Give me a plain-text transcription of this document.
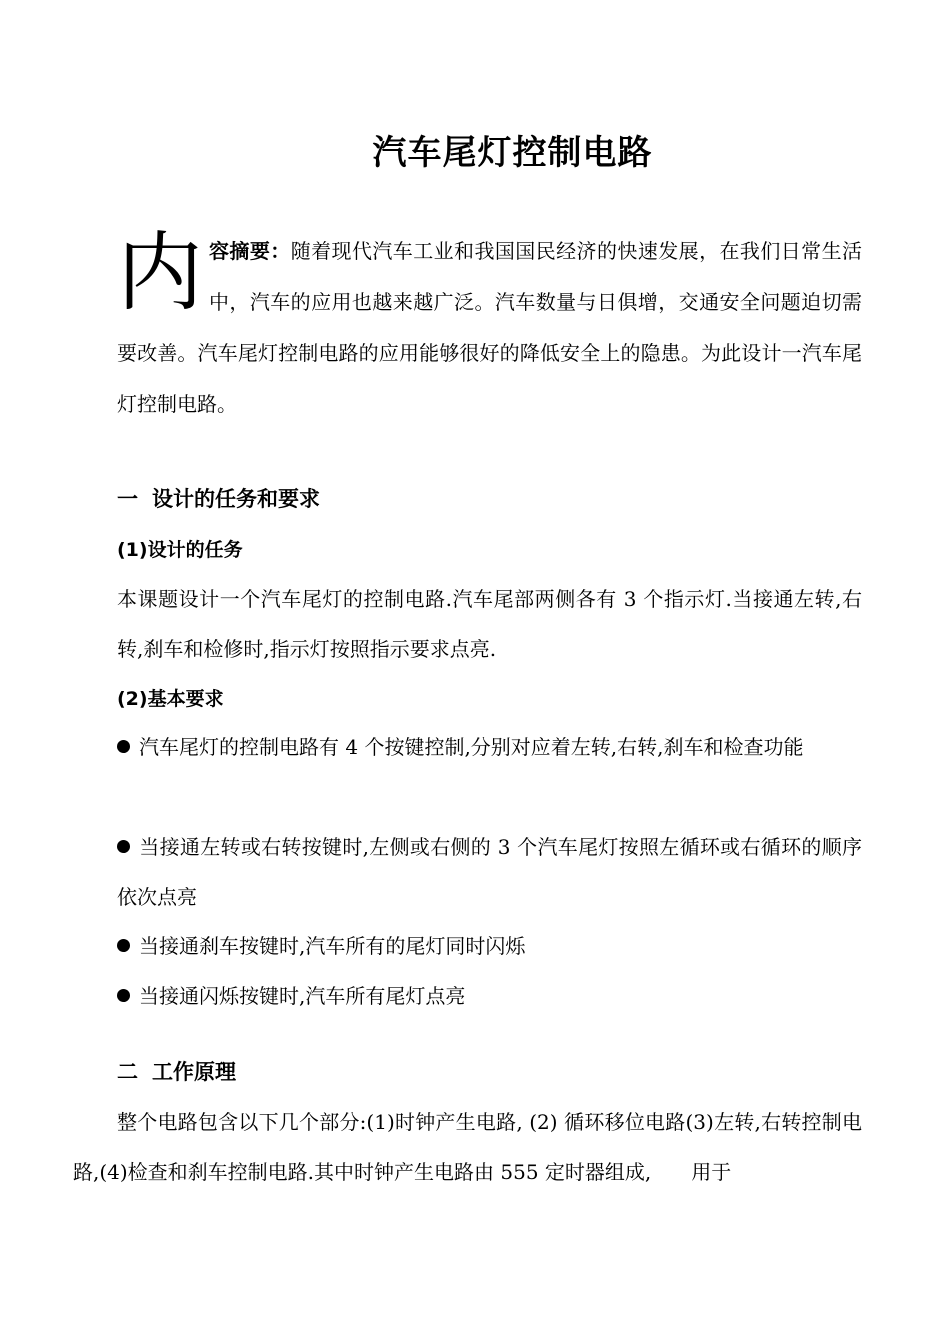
汽车尾灯控制电路
内容摘要：随着现代汽车工业和我国国民经济的快速发展，在我们日常生活中，汽车的应用也越来越广泛。汽车数量与日俱增，交通安全问题迫切需要改善。汽车尾灯控制电路的应用能够很好的降低安全上的隐患。为此设计一汽车尾灯控制电路。
一 设计的任务和要求
(1)设计的任务
本课题设计一个汽车尾灯的控制电路.汽车尾部两侧各有 3 个指示灯.当接通左转,右转,刹车和检修时,指示灯按照指示要求点亮.
(2)基本要求
汽车尾灯的控制电路有 4 个按键控制,分别对应着左转,右转,刹车和检查功能
当接通左转或右转按键时,左侧或右侧的 3 个汽车尾灯按照左循环或右循环的顺序依次点亮
当接通刹车按键时,汽车所有的尾灯同时闪烁
当接通闪烁按键时,汽车所有尾灯点亮
二 工作原理
整个电路包含以下几个部分:(1)时钟产生电路, (2) 循环移位电路(3)左转,右转控制电路,(4)检查和刹车控制电路.其中时钟产生电路由 555 定时器组成,　　用于
